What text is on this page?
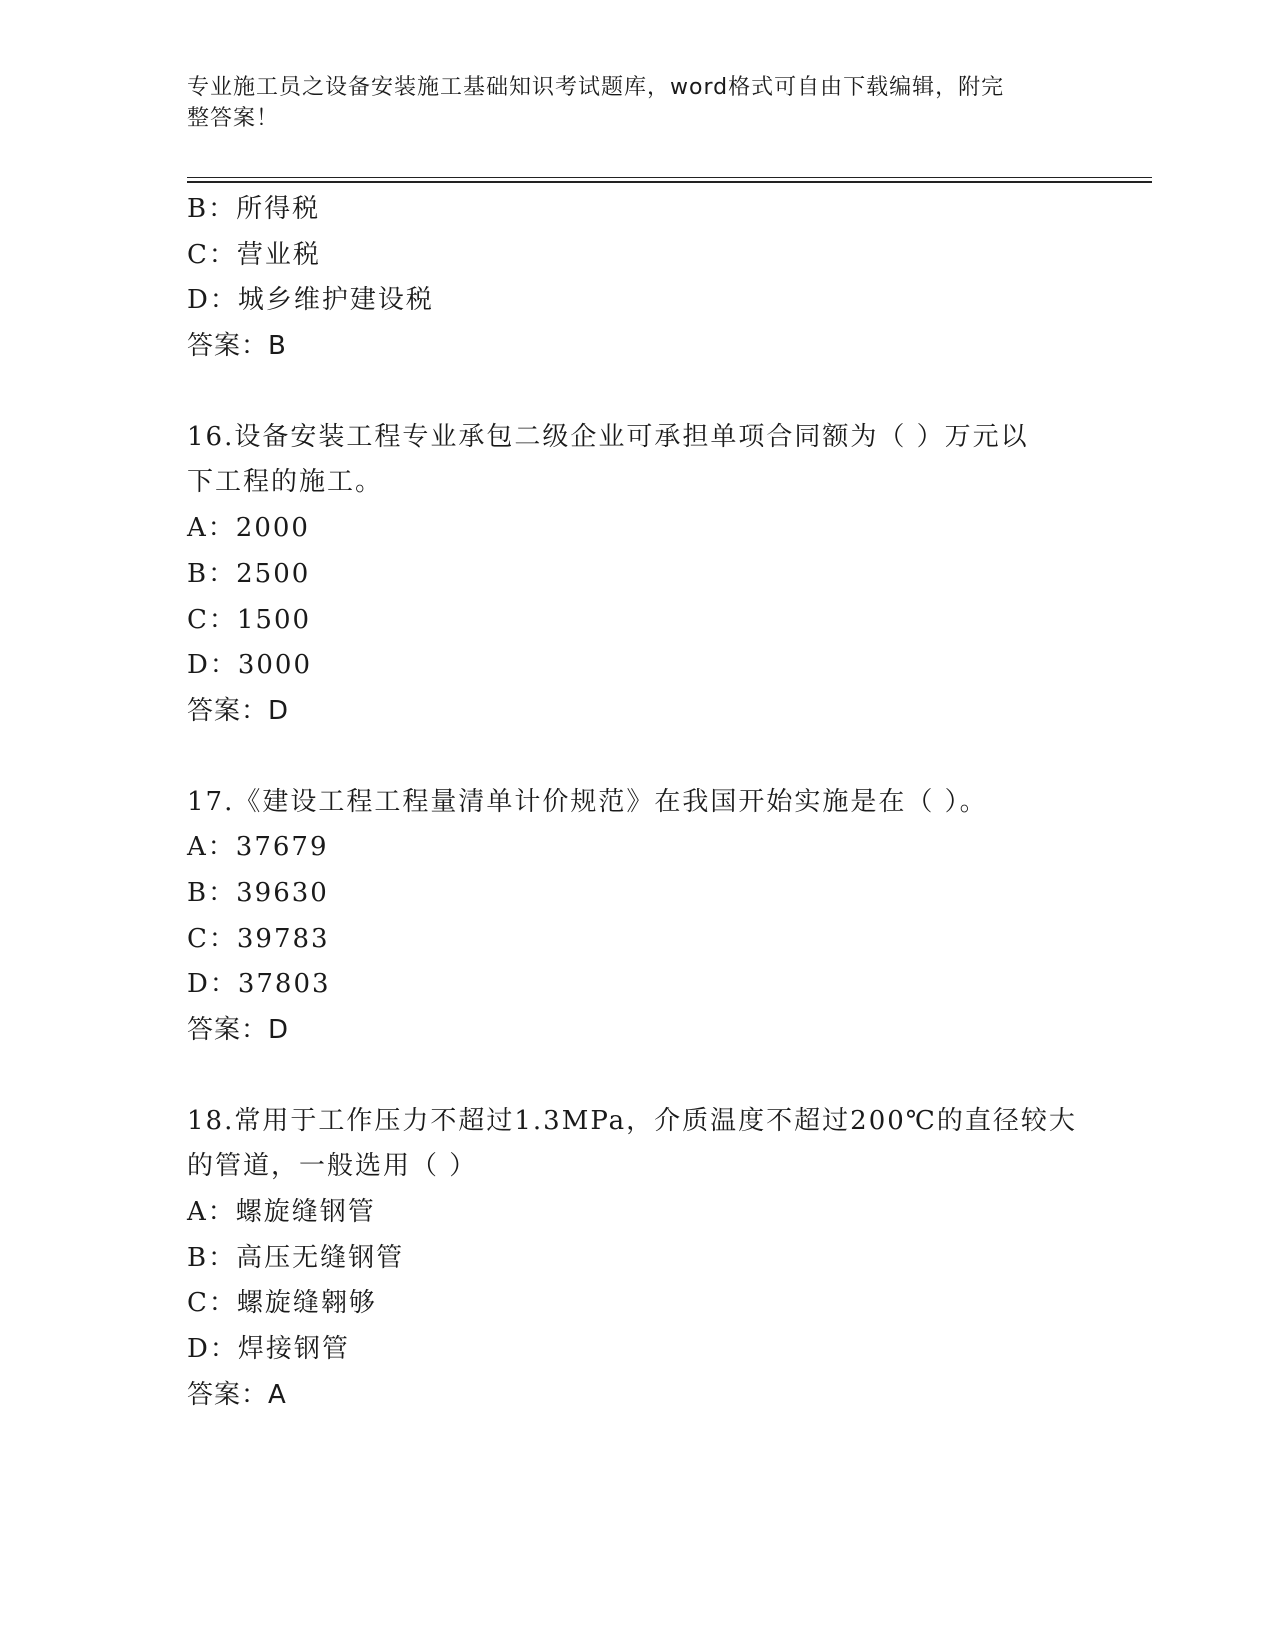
专业施工员之设备安装施工基础知识考试题库，word格式可自由下载编辑，附完
整答案！
B：所得税
C：营业税
D：城乡维护建设税
答案：B
16.设备安装工程专业承包二级企业可承担单项合同额为（ ）万元以
下工程的施工。
A：2000
B：2500
C：1500
D：3000
答案：D
17.《建设工程工程量清单计价规范》在我国开始实施是在（ ）。
A：37679
B：39630
C：39783
D：37803
答案：D
18.常用于工作压力不超过1.3MPa，介质温度不超过200℃的直径较大
的管道，一般选用（ ）
A：螺旋缝钢管
B：高压无缝钢管
C：螺旋缝翱够
D：焊接钢管
答案：A
